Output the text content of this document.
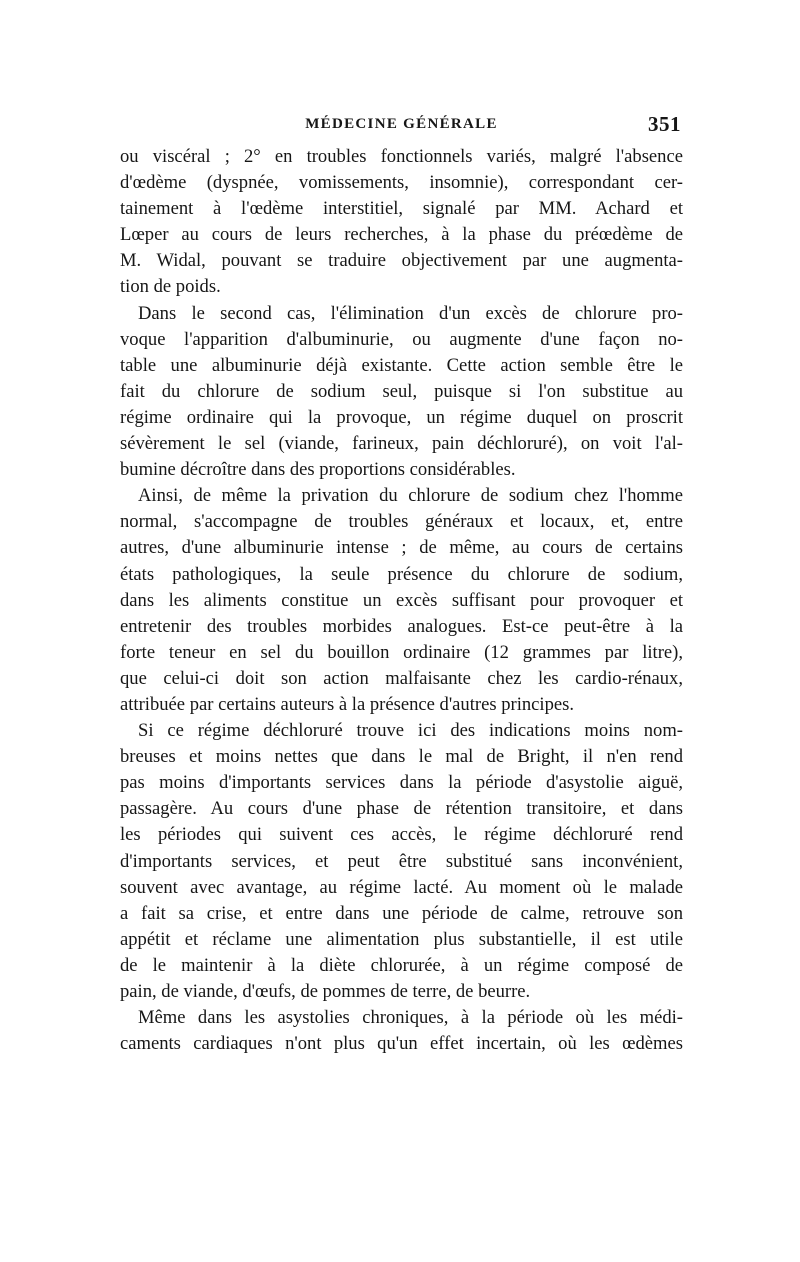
MÉDECINE GÉNÉRALE	351
ou viscéral ; 2° en troubles fonctionnels variés, malgré l'absence
d'œdème (dyspnée, vomissements, insomnie), correspondant cer-
tainement à l'œdème interstitiel, signalé par MM. Achard et
Lœper au cours de leurs recherches, à la phase du préœdème de
M. Widal, pouvant se traduire objectivement par une augmenta-
tion de poids.
Dans le second cas, l'élimination d'un excès de chlorure pro-
voque l'apparition d'albuminurie, ou augmente d'une façon no-
table une albuminurie déjà existante. Cette action semble être le
fait du chlorure de sodium seul, puisque si l'on substitue au
régime ordinaire qui la provoque, un régime duquel on proscrit
sévèrement le sel (viande, farineux, pain déchloruré), on voit l'al-
bumine décroître dans des proportions considérables.
Ainsi, de même la privation du chlorure de sodium chez l'homme
normal, s'accompagne de troubles généraux et locaux, et, entre
autres, d'une albuminurie intense ; de même, au cours de certains
états pathologiques, la seule présence du chlorure de sodium,
dans les aliments constitue un excès suffisant pour provoquer et
entretenir des troubles morbides analogues. Est-ce peut-être à la
forte teneur en sel du bouillon ordinaire (12 grammes par litre),
que celui-ci doit son action malfaisante chez les cardio-rénaux,
attribuée par certains auteurs à la présence d'autres principes.
Si ce régime déchloruré trouve ici des indications moins nom-
breuses et moins nettes que dans le mal de Bright, il n'en rend
pas moins d'importants services dans la période d'asystolie aiguë,
passagère. Au cours d'une phase de rétention transitoire, et dans
les périodes qui suivent ces accès, le régime déchloruré rend
d'importants services, et peut être substitué sans inconvénient,
souvent avec avantage, au régime lacté. Au moment où le malade
a fait sa crise, et entre dans une période de calme, retrouve son
appétit et réclame une alimentation plus substantielle, il est utile
de le maintenir à la diète chlorurée, à un régime composé de
pain, de viande, d'œufs, de pommes de terre, de beurre.
Même dans les asystolies chroniques, à la période où les médi-
caments cardiaques n'ont plus qu'un effet incertain, où les œdèmes
